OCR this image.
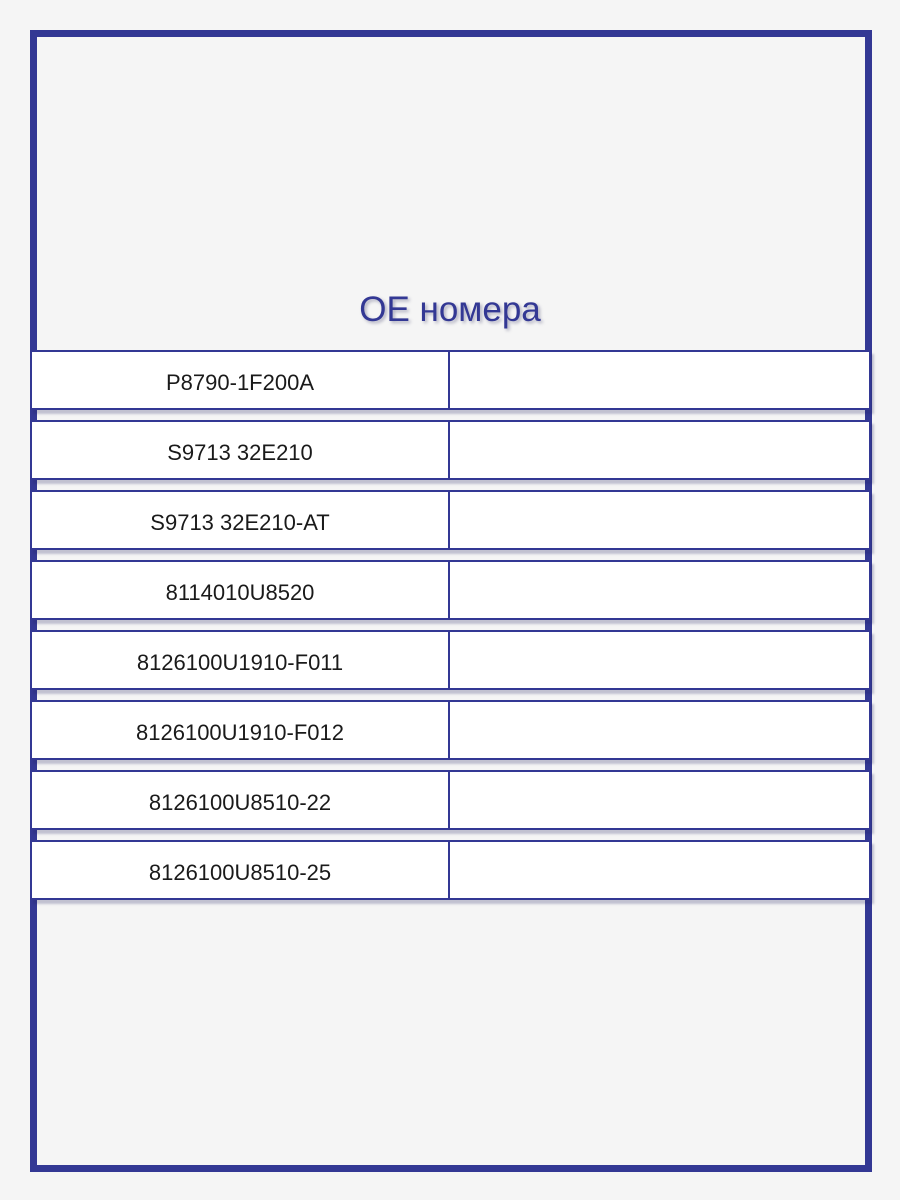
OE номера
P8790-1F200A
S9713 32E210
S9713 32E210-AT
8114010U8520
8126100U1910-F011
8126100U1910-F012
8126100U8510-22
8126100U8510-25
